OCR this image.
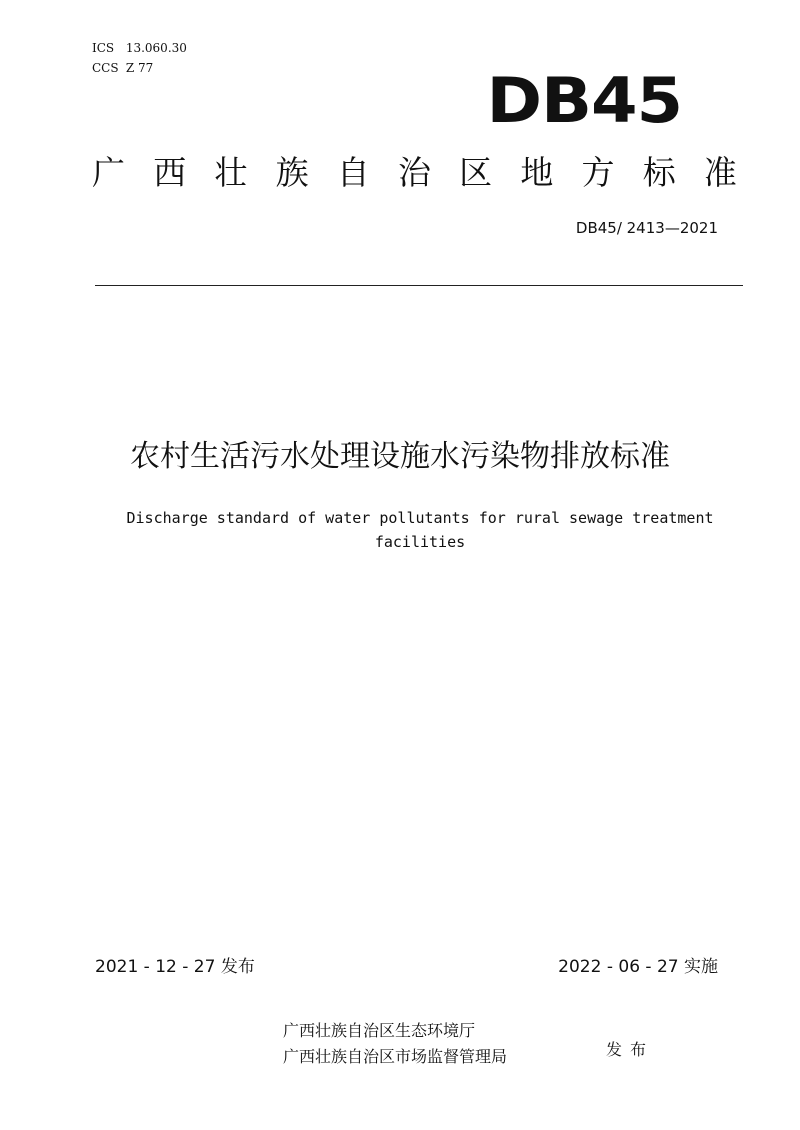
ICS 13.060.30
CCS Z 77	DB45
广 西 壮 族 自 治 区 地 方 标 准
DB45/ 2413—2021
农村生活污水处理设施水污染物排放标准
Discharge standard of water pollutants for rural sewage treatment
facilities
2021 - 12 - 27 发布	2022 - 06 - 27 实施
广西壮族自治区生态环境厅
广西壮族自治区市场监督管理局	发布
